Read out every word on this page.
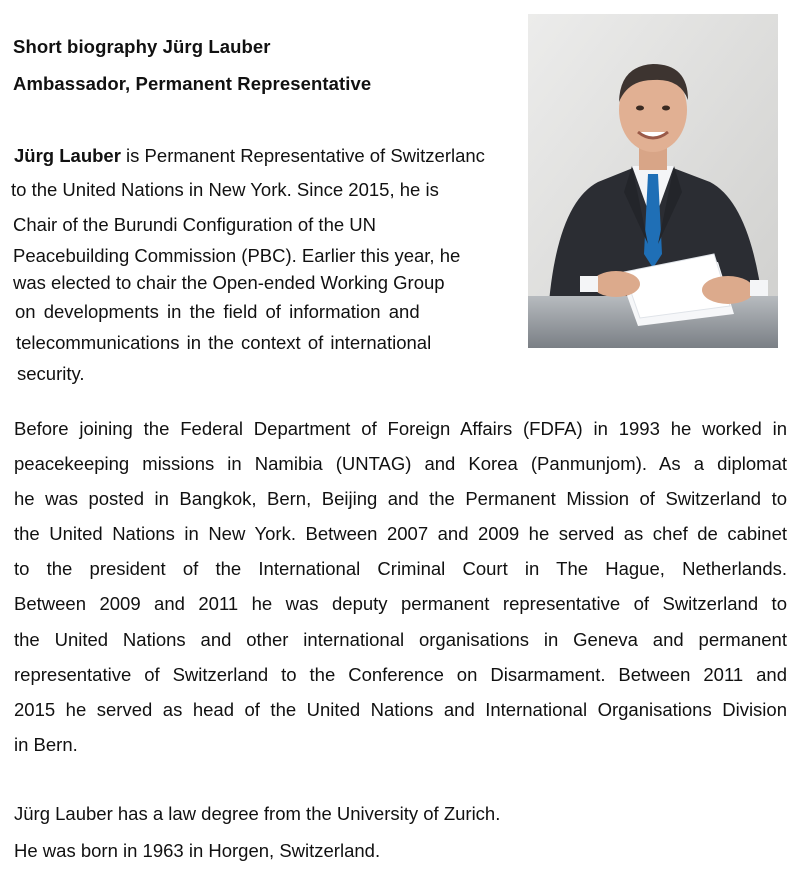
Short biography Jürg Lauber
Ambassador, Permanent Representative
Jürg Lauber is Permanent Representative of Switzerlanc
to the United Nations in New York. Since 2015, he is
Chair of the Burundi Configuration of the UN
Peacebuilding Commission (PBC). Earlier this year, he
was elected to chair the Open-ended Working Group
on developments in the field of information and
telecommunications in the context of international
security.
Before joining the Federal Department of Foreign Affairs (FDFA) in 1993 he worked in
peacekeeping missions in Namibia (UNTAG) and Korea (Panmunjom). As a diplomat
he was posted in Bangkok, Bern, Beijing and the Permanent Mission of Switzerland to
the United Nations in New York. Between 2007 and 2009 he served as chef de cabinet
to the president of the International Criminal Court in The Hague, Netherlands.
Between 2009 and 2011 he was deputy permanent representative of Switzerland to
the United Nations and other international organisations in Geneva and permanent
representative of Switzerland to the Conference on Disarmament. Between 2011 and
2015 he served as head of the United Nations and International Organisations Division
in Bern.
Jürg Lauber has a law degree from the University of Zurich.
He was born in 1963 in Horgen, Switzerland.
